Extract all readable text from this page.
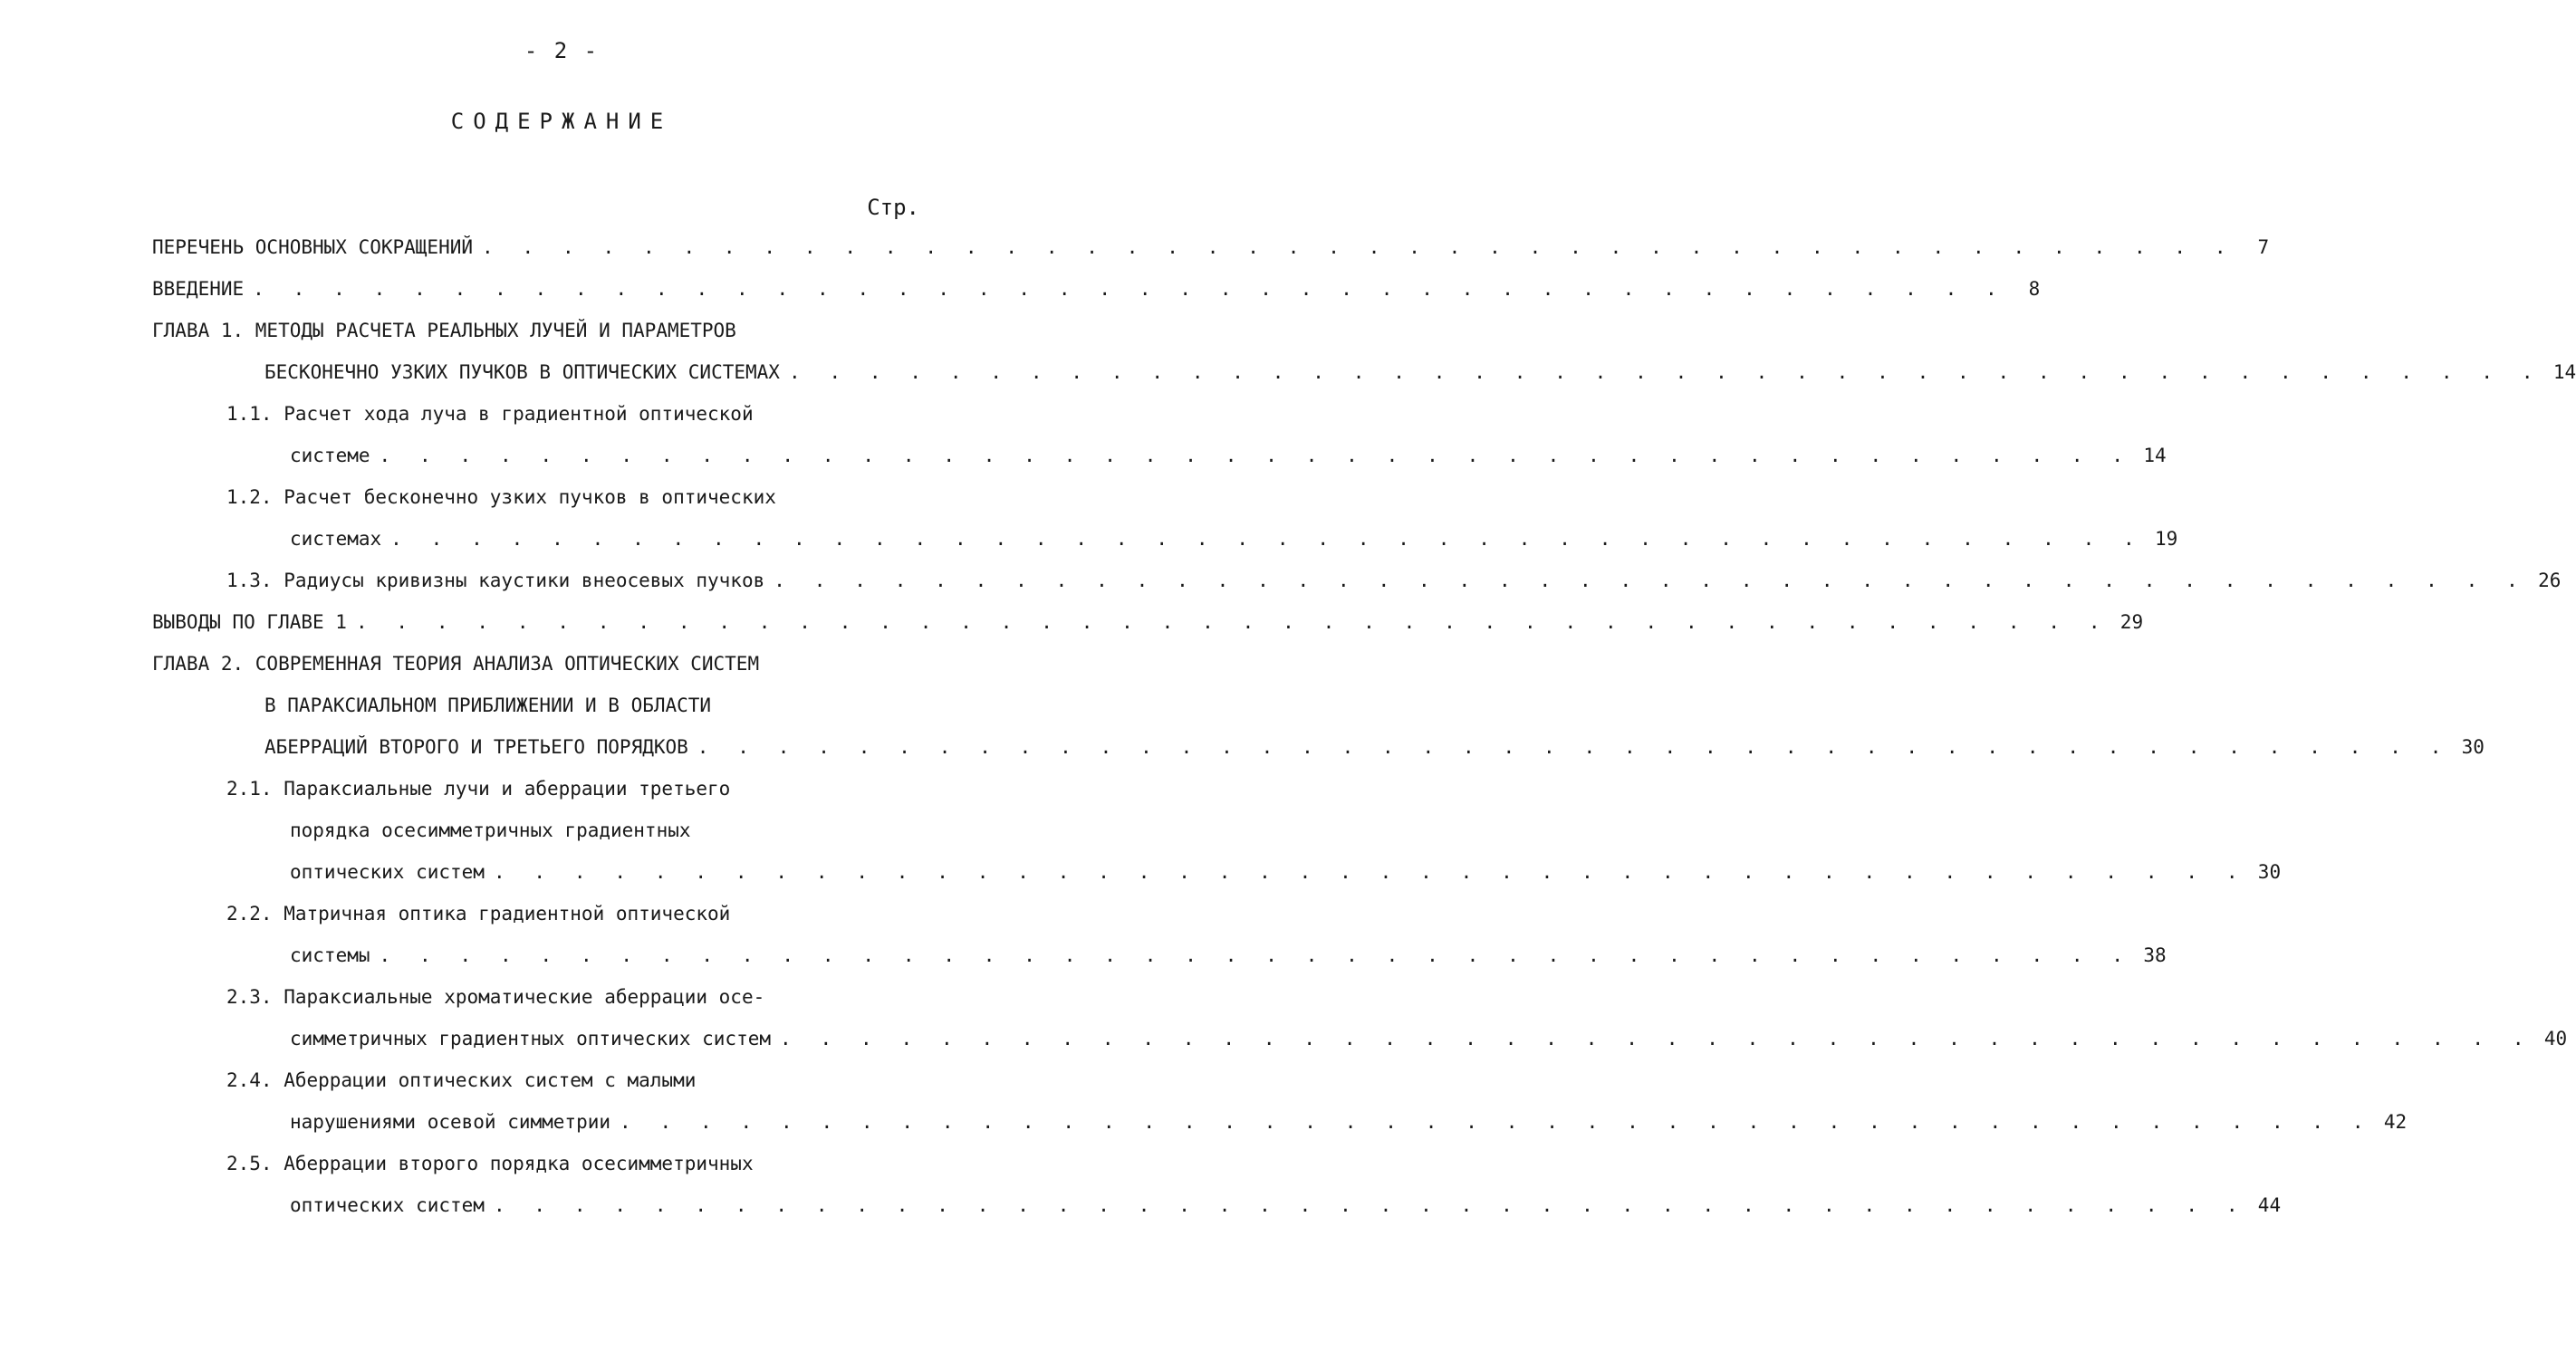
- 2 -
СОДЕРЖАНИЕ
Стр.
ПЕРЕЧЕНЬ ОСНОВНЫХ СОКРАЩЕНИЙ . . . . . . . . . . . . . . . . . . . . . . . . . . . . . . . . . . . . . . . . . . . .	7
ВВЕДЕНИЕ . . . . . . . . . . . . . . . . . . . . . . . . . . . . . . . . . . . . . . . . . . . .	8
ГЛАВА 1. МЕТОДЫ РАСЧЕТА РЕАЛЬНЫХ ЛУЧЕЙ И ПАРАМЕТРОВ
БЕСКОНЕЧНО УЗКИХ ПУЧКОВ В ОПТИЧЕСКИХ СИСТЕМАХ . . . . . . . . . . . . . . . . . . . . . . . . . . . . . . . . . . . . . . . . . . . . 14
1.1. Расчет хода луча в градиентной оптической
системе . . . . . . . . . . . . . . . . . . . . . . . . . . . . . . . . . . . . . . . . . . . . 14
1.2. Расчет бесконечно узких пучков в оптических
системах . . . . . . . . . . . . . . . . . . . . . . . . . . . . . . . . . . . . . . . . . . . . 19
1.3. Радиусы кривизны каустики внеосевых пучков . . . . . . . . . . . . . . . . . . . . . . . . . . . . . . . . . . . . . . . . . . . . 26
ВЫВОДЫ ПО ГЛАВЕ 1 . . . . . . . . . . . . . . . . . . . . . . . . . . . . . . . . . . . . . . . . . . . . 29
ГЛАВА 2. СОВРЕМЕННАЯ ТЕОРИЯ АНАЛИЗА ОПТИЧЕСКИХ СИСТЕМ
В ПАРАКСИАЛЬНОМ ПРИБЛИЖЕНИИ И В ОБЛАСТИ
АБЕРРАЦИЙ ВТОРОГО И ТРЕТЬЕГО ПОРЯДКОВ . . . . . . . . . . . . . . . . . . . . . . . . . . . . . . . . . . . . . . . . . . . . 30
2.1. Параксиальные лучи и аберрации третьего
порядка осесимметричных градиентных
оптических систем . . . . . . . . . . . . . . . . . . . . . . . . . . . . . . . . . . . . . . . . . . . . 30
2.2. Матричная оптика градиентной оптической
системы . . . . . . . . . . . . . . . . . . . . . . . . . . . . . . . . . . . . . . . . . . . . 38
2.3. Параксиальные хроматические аберрации осе-
симметричных градиентных оптических систем . . . . . . . . . . . . . . . . . . . . . . . . . . . . . . . . . . . . . . . . . . . . 40
2.4. Аберрации оптических систем с малыми
нарушениями осевой симметрии . . . . . . . . . . . . . . . . . . . . . . . . . . . . . . . . . . . . . . . . . . . . 42
2.5. Аберрации второго порядка осесимметричных
оптических систем . . . . . . . . . . . . . . . . . . . . . . . . . . . . . . . . . . . . . . . . . . . . 44
